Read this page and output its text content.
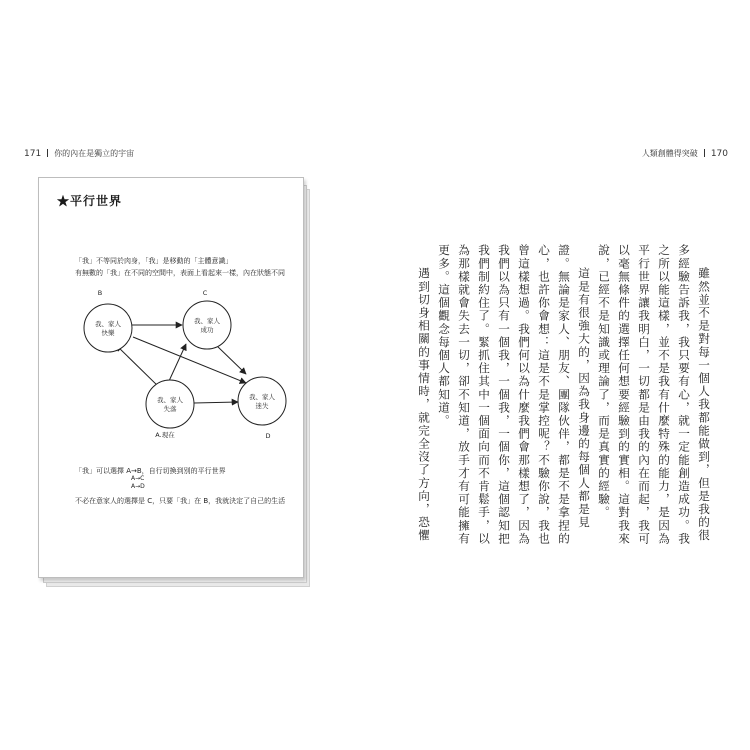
171 你的內在是獨立的宇宙	人類創體得突破 170
★平行世界
「我」不等同於肉身，「我」是移動的「主體意識」
有無數的「我」在不同的空間中，表面上看起來一樣，內在狀態不同
B	C
A.現在	D
我、家人
快樂
我、家人
成功
我、家人
失落
我、家人
迷失
「我」可以選擇 A→B，自行切換到別的平行世界
A→C
A→D
不必在意家人的選擇是 C，只要「我」在 B，我就決定了自己的生活	雖然並不是對每一個人我都能做到，但是我的很多經驗告訴我，我只要有心，就一定能創造成功。我之所以能這樣，並不是我有什麼特殊的能力，是因為平行世界讓我明白，一切都是由我的內在而起，我可以毫無條件的選擇任何想要經驗到的實相。這對我來說，已經不是知識或理論了，而是真實的經驗。

這是有很強大的，因為我身邊的每個人都是見證。無論是家人、朋友、團隊伙伴，都是不是拿捏的心，也許你會想：這是不是掌控呢？不驗你說，我也曾這樣想過。我們何以為什麼我們會那樣想了，因為我們以為只有一個我，一個我，一個你，這個認知把我們制約住了。緊抓住其中一個面向而不肯鬆手，以為那樣就會失去一切，卻不知道，放手才有可能擁有更多。這個觀念每個人都知道。

遇到切身相關的事情時，就完全沒了方向，恐懼
